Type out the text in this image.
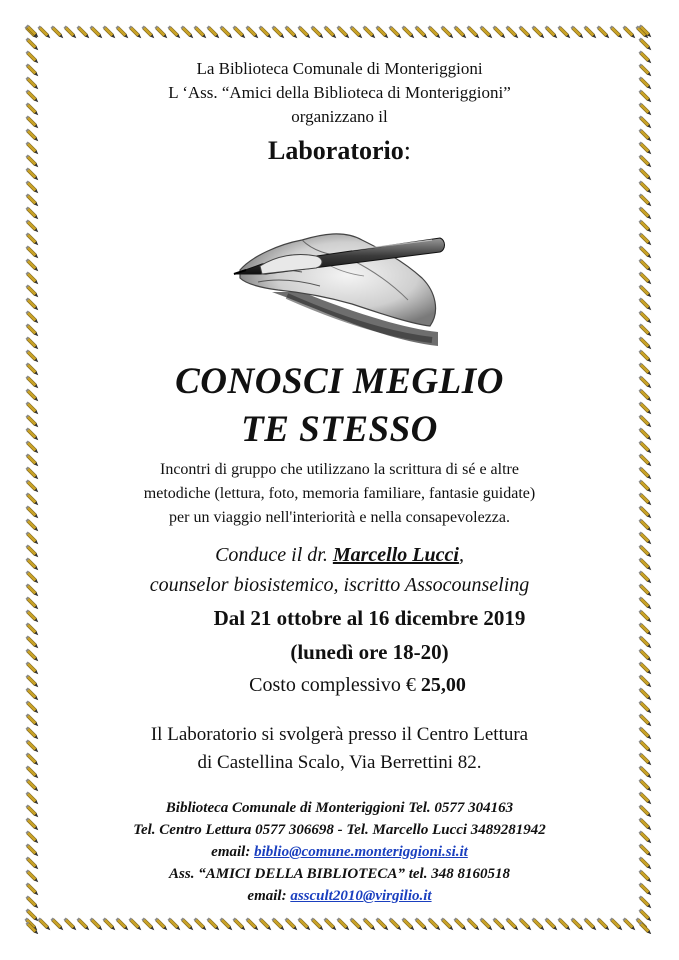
La Biblioteca Comunale di Monteriggioni
L ‘Ass. “Amici della Biblioteca di Monteriggioni”
organizzano il
Laboratorio:
CONOSCI MEGLIO
TE STESSO
Incontri di gruppo che utilizzano la scrittura di sé e altre
metodiche (lettura, foto, memoria familiare, fantasie guidate)
per un viaggio nell'interiorità e nella consapevolezza.
Conduce il dr. Marcello Lucci,
counselor biosistemico, iscritto Assocounseling
Dal 21 ottobre al 16 dicembre 2019
(lunedì ore 18-20)
Costo complessivo € 25,00
Il Laboratorio si svolgerà presso il Centro Lettura
di Castellina Scalo, Via Berrettini 82.
Biblioteca Comunale di Monteriggioni Tel. 0577 304163
Tel. Centro Lettura 0577 306698 - Tel. Marcello Lucci 3489281942
email: biblio@comune.monteriggioni.si.it
Ass. “AMICI DELLA BIBLIOTECA” tel. 348 8160518
email: asscult2010@virgilio.it
